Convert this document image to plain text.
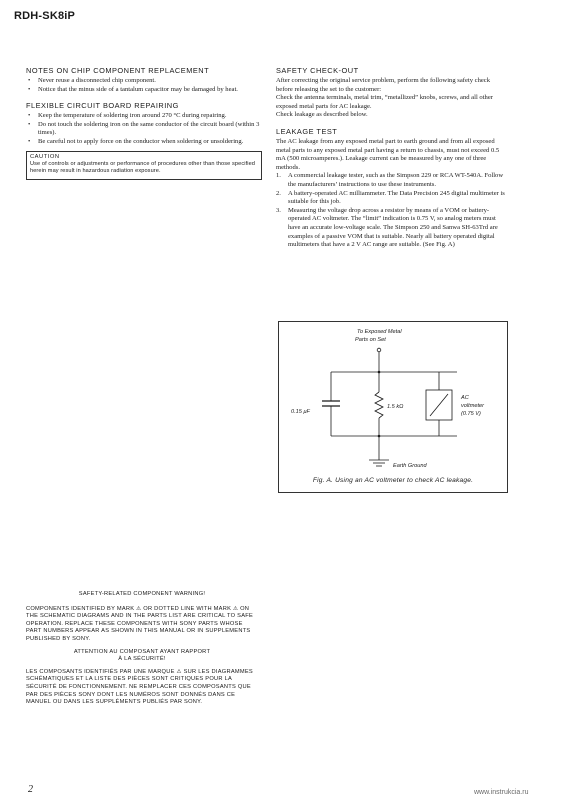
RDH-SK8iP
NOTES ON CHIP COMPONENT REPLACEMENT
• Never reuse a disconnected chip component.
• Notice that the minus side of a tantalum capacitor may be damaged by heat.
FLEXIBLE CIRCUIT BOARD REPAIRING
• Keep the temperature of soldering iron around 270 °C during repairing.
• Do not touch the soldering iron on the same conductor of the circuit board (within 3 times).
• Be careful not to apply force on the conductor when soldering or unsoldering.
CAUTION
Use of controls or adjustments or performance of procedures other than those specified herein may result in hazardous radiation exposure.
SAFETY CHECK-OUT

After correcting the original service problem, perform the following safety check before releasing the set to the customer:

Check the antenna terminals, metal trim, “metallized” knobs, screws, and all other exposed metal parts for AC leakage.

Check leakage as described below.

LEAKAGE TEST

The AC leakage from any exposed metal part to earth ground and from all exposed metal parts to any exposed metal part having a return to chassis, must not exceed 0.5 mA (500 microamperes.). Leakage current can be measured by any one of three methods.

1. A commercial leakage tester, such as the Simpson 229 or RCA WT-540A. Follow the manufacturers’ instructions to use these instruments.
2. A battery-operated AC milliammeter. The Data Precision 245 digital multimeter is suitable for this job.
3. Measuring the voltage drop across a resistor by means of a VOM or battery-operated AC voltmeter. The “limit” indication is 0.75 V, so analog meters must have an accurate low-voltage scale. The Simpson 250 and Sanwa SH-63Trd are examples of a passive VOM that is suitable. Nearly all battery operated digital multimeters that have a 2 V AC range are suitable. (See Fig. A)
To Exposed Metal
Parts on Set
0.15 μF
1.5 kΩ
AC
voltmeter
(0.75 V)
Earth Ground
Fig. A. Using an AC voltmeter to check AC leakage.
SAFETY-RELATED COMPONENT WARNING!
COMPONENTS IDENTIFIED BY MARK ⚠ OR DOTTED LINE WITH MARK ⚠ ON THE SCHEMATIC DIAGRAMS AND IN THE PARTS LIST ARE CRITICAL TO SAFE OPERATION. REPLACE THESE COMPONENTS WITH SONY PARTS WHOSE PART NUMBERS APPEAR AS SHOWN IN THIS MANUAL OR IN SUPPLEMENTS PUBLISHED BY SONY.
ATTENTION AU COMPOSANT AYANT RAPPORT
À LA SÉCURITÉ!
LES COMPOSANTS IDENTIFIÉS PAR UNE MARQUE ⚠ SUR LES DIAGRAMMES SCHÉMATIQUES ET LA LISTE DES PIÈCES SONT CRITIQUES POUR LA SÉCURITÉ DE FONCTIONNEMENT. NE REMPLACER CES COMPOSANTS QUE PAR DES PIÈCES SONY DONT LES NUMÉROS SONT DONNÉS DANS CE MANUEL OU DANS LES SUPPLÉMENTS PUBLIÉS PAR SONY.
2	www.instrukcia.ru
